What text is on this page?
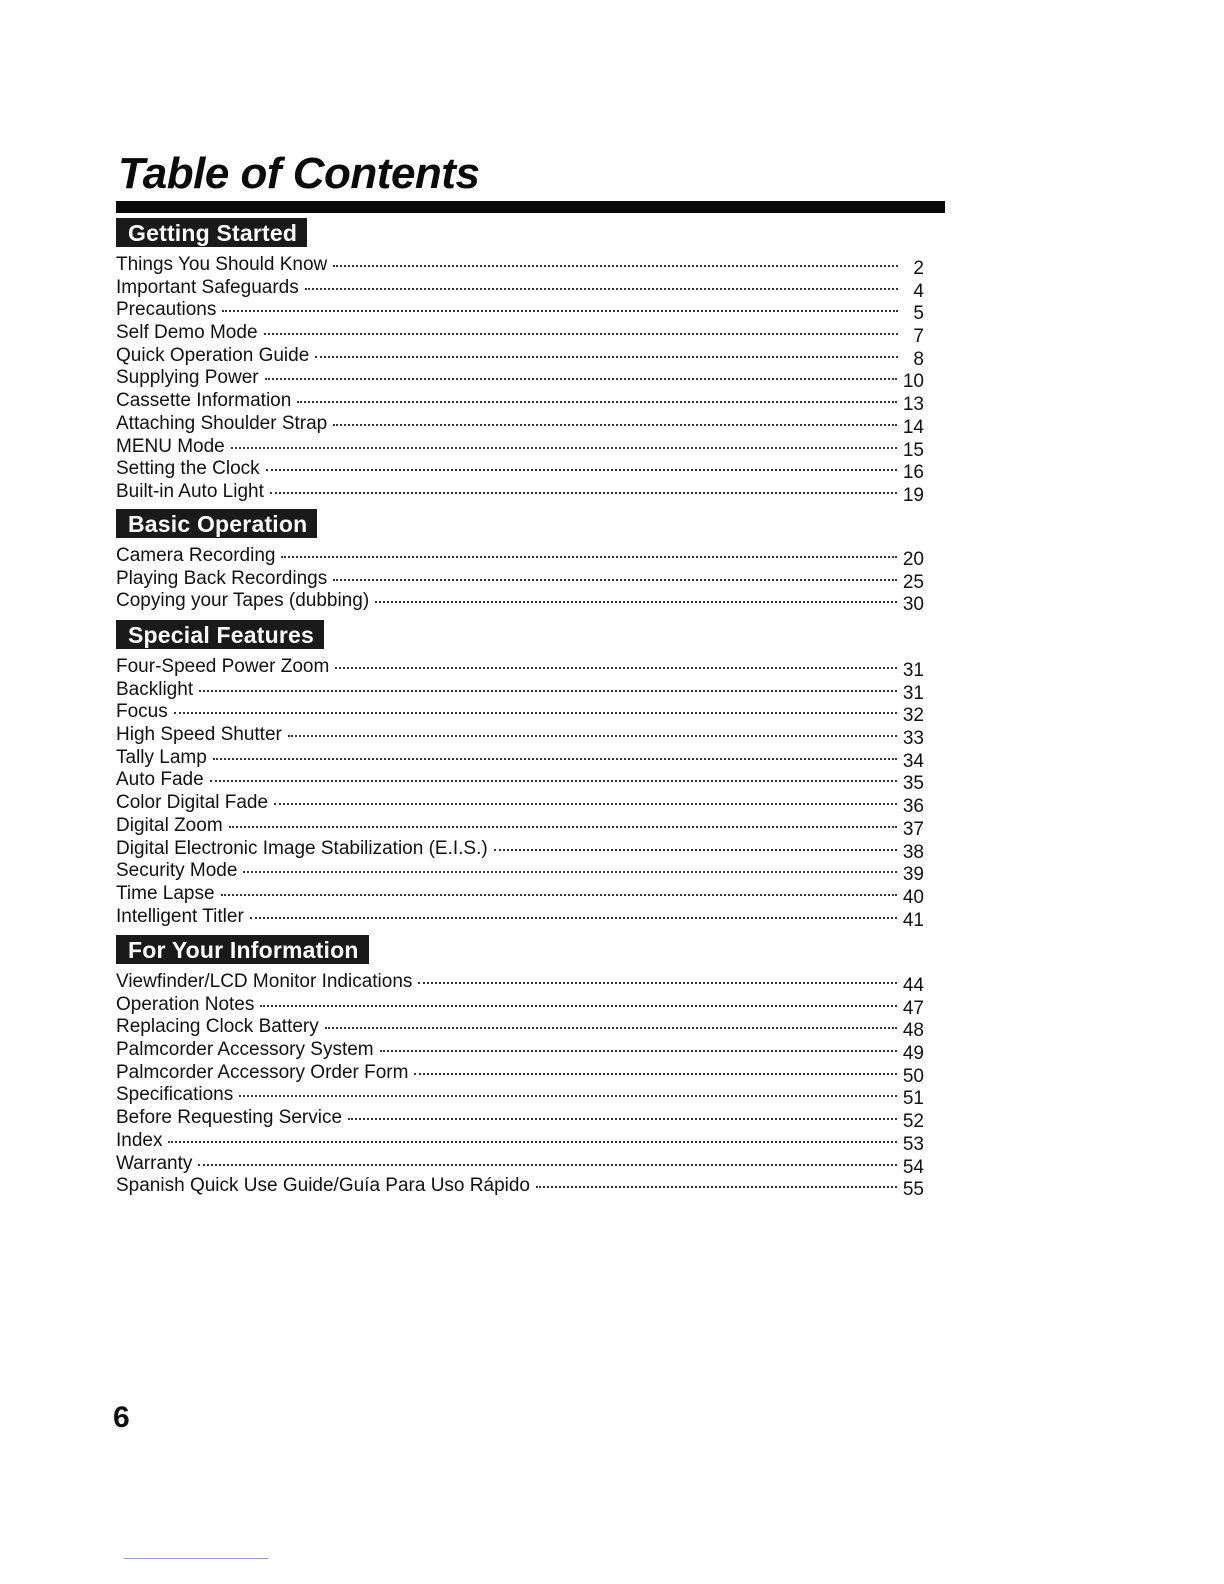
Table of Contents
Getting Started
Things You Should Know	2
Important Safeguards	4
Precautions	5
Self Demo Mode	7
Quick Operation Guide	8
Supplying Power	10
Cassette Information	13
Attaching Shoulder Strap	14
MENU Mode	15
Setting the Clock	16
Built-in Auto Light	19
Basic Operation
Camera Recording	20
Playing Back Recordings	25
Copying your Tapes (dubbing)	30
Special Features
Four-Speed Power Zoom	31
Backlight	31
Focus	32
High Speed Shutter	33
Tally Lamp	34
Auto Fade	35
Color Digital Fade	36
Digital Zoom	37
Digital Electronic Image Stabilization (E.I.S.)	38
Security Mode	39
Time Lapse	40
Intelligent Titler	41
For Your Information
Viewfinder/LCD Monitor Indications	44
Operation Notes	47
Replacing Clock Battery	48
Palmcorder Accessory System	49
Palmcorder Accessory Order Form	50
Specifications	51
Before Requesting Service	52
Index	53
Warranty	54
Spanish Quick Use Guide/Guía Para Uso Rápido	55
6
